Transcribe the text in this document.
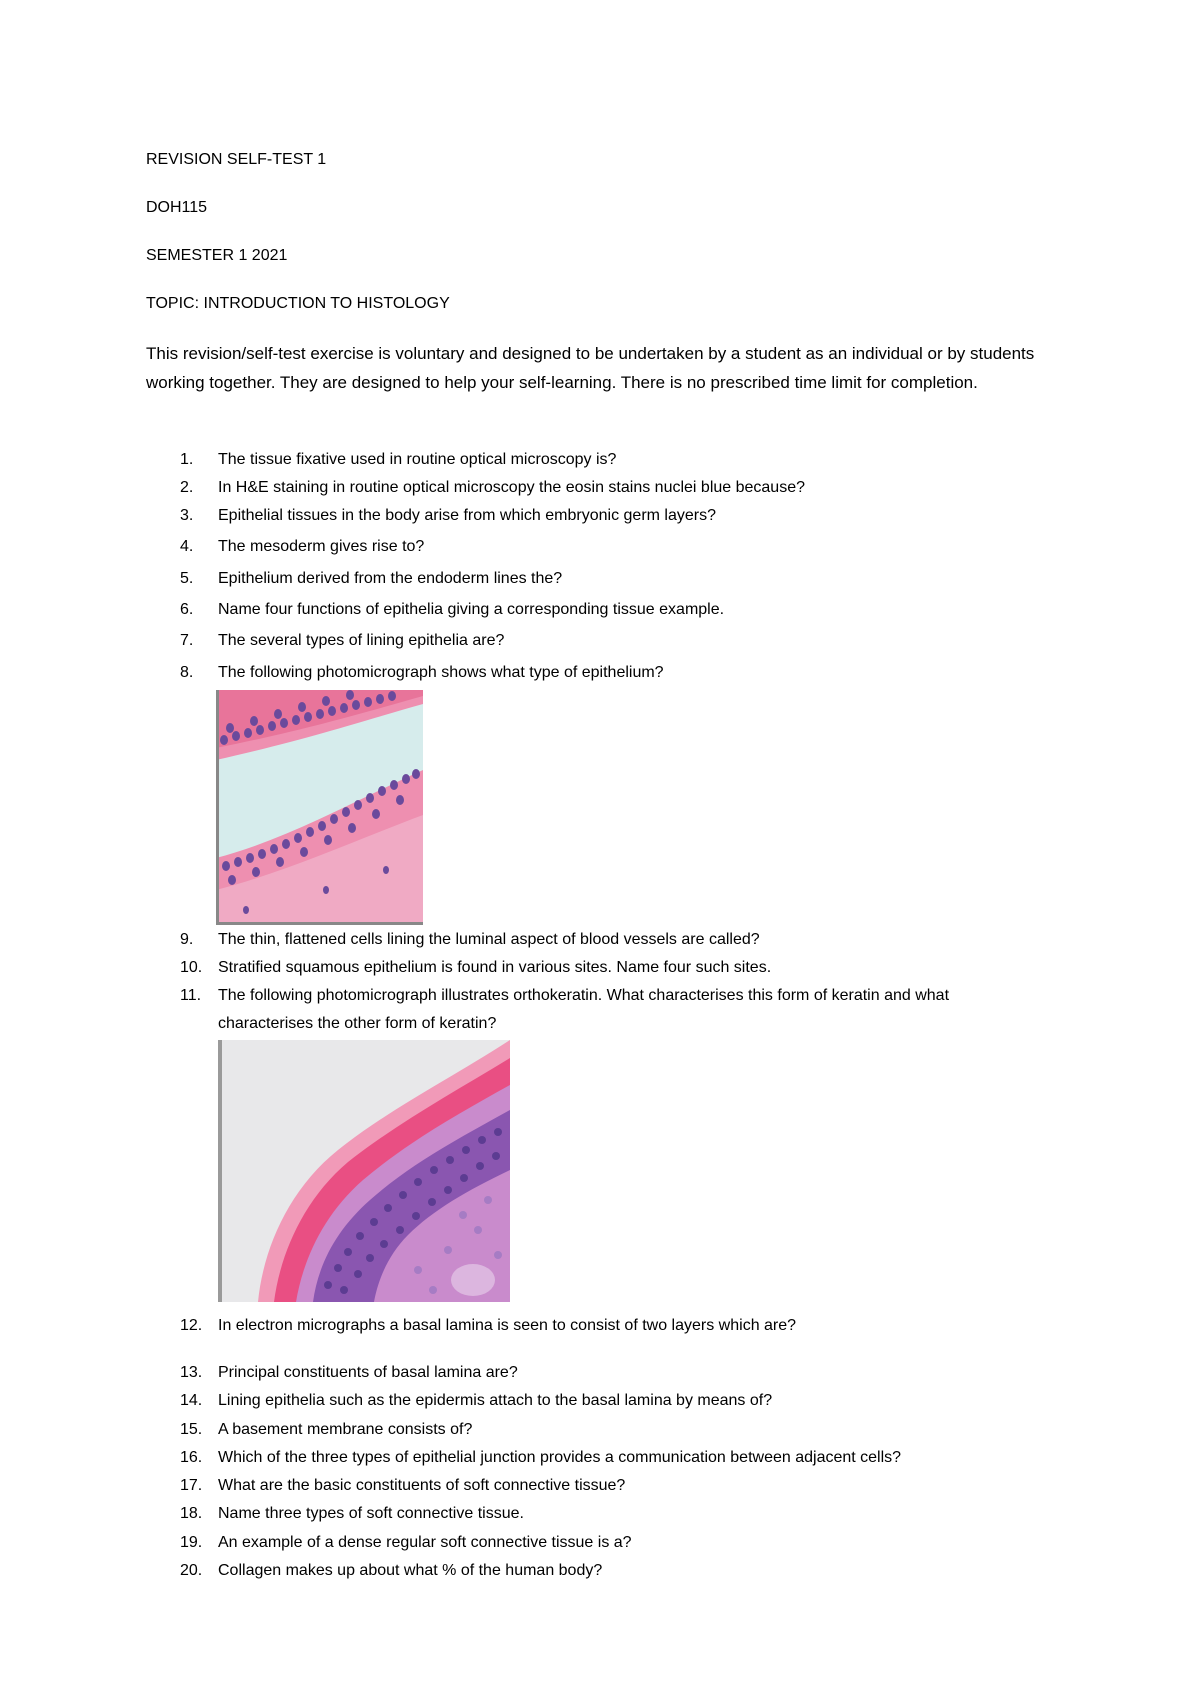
REVISION SELF-TEST 1
DOH115
SEMESTER 1 2021
TOPIC: INTRODUCTION TO HISTOLOGY
This revision/self-test exercise is voluntary and designed to be undertaken by a student as an individual or by students working together. They are designed to help your self-learning. There is no prescribed time limit for completion.
1.	The tissue fixative used in routine optical microscopy is?
2.	In H&E staining in routine optical microscopy the eosin stains nuclei blue because?
3.	Epithelial tissues in the body arise from which embryonic germ layers?
4.	The mesoderm gives rise to?
5.	Epithelium derived from the endoderm lines the?
6.	Name four functions of epithelia giving a corresponding tissue example.
7.	The several types of lining epithelia are?
8.	The following photomicrograph shows what type of epithelium?
9.	The thin, flattened cells lining the luminal aspect of blood vessels are called?
10. Stratified squamous epithelium is found in various sites. Name four such sites.
11.	The following photomicrograph illustrates orthokeratin. What characterises this form of keratin and what characterises the other form of keratin?
12. In electron micrographs a basal lamina is seen to consist of two layers which are?
13. Principal constituents of basal lamina are?
14. Lining epithelia such as the epidermis attach to the basal lamina by means of?
15. A basement membrane consists of?
16. Which of the three types of epithelial junction provides a communication between adjacent cells?
17. What are the basic constituents of soft connective tissue?
18. Name three types of soft connective tissue.
19. An example of a dense regular soft connective tissue is a?
20. Collagen makes up about what % of the human body?
